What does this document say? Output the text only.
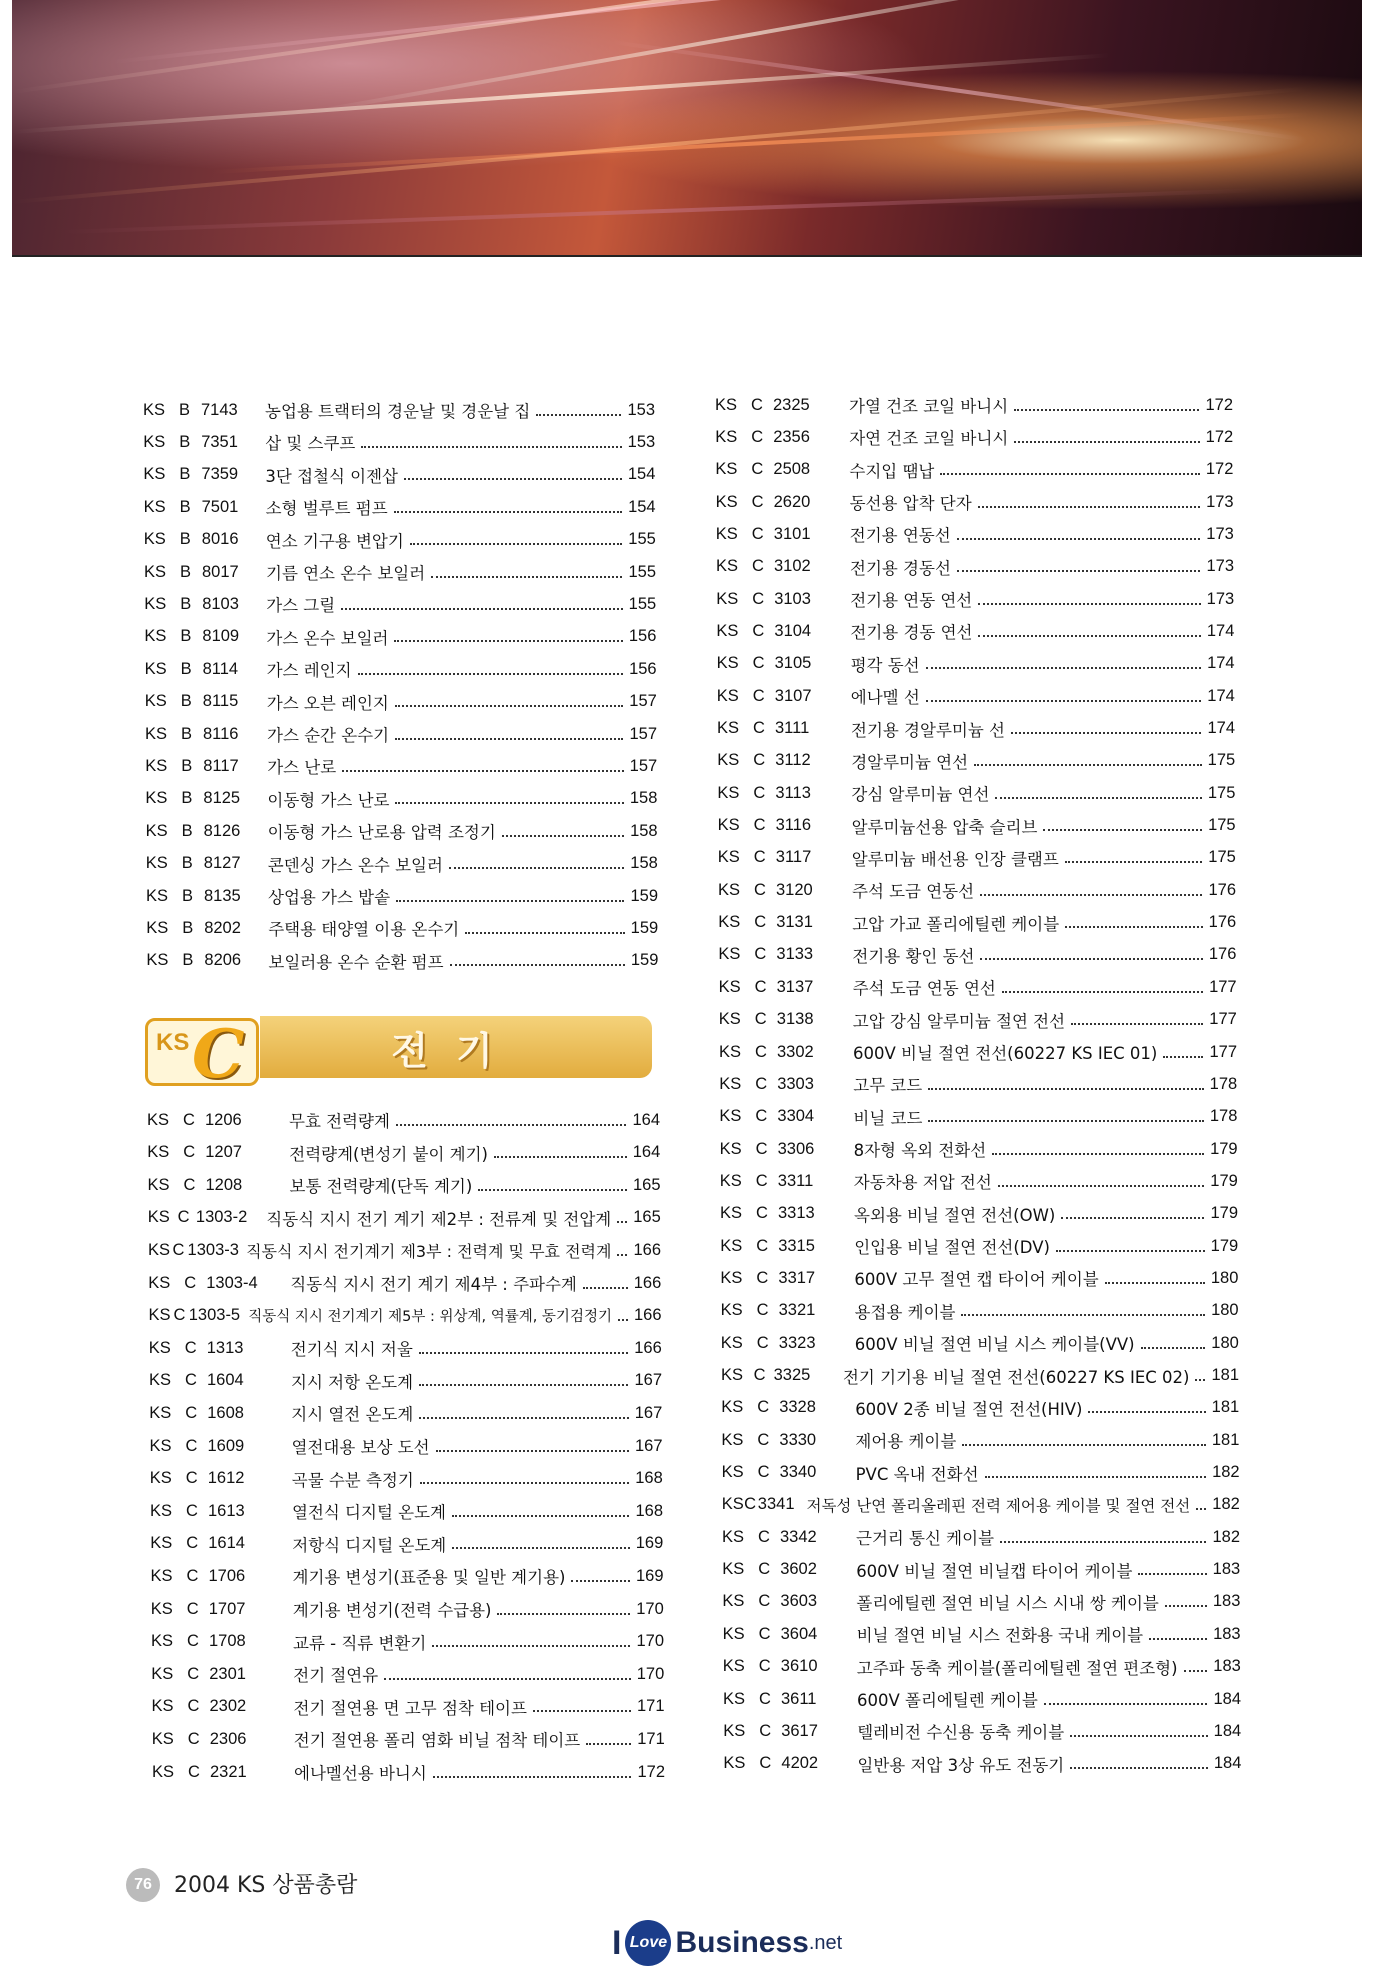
KS B 7143	농업용 트랙터의 경운날 및 경운날 집	153
KS B 7351	삽 및 스쿠프	153
KS B 7359	3단 접철식 이젠삽	154
KS B 7501	소형 벌루트 펌프	154
KS B 8016	연소 기구용 변압기	155
KS B 8017	기름 연소 온수 보일러	155
KS B 8103	가스 그릴	155
KS B 8109	가스 온수 보일러	156
KS B 8114	가스 레인지	156
KS B 8115	가스 오븐 레인지	157
KS B 8116	가스 순간 온수기	157
KS B 8117	가스 난로	157
KS B 8125	이동형 가스 난로	158
KS B 8126	이동형 가스 난로용 압력 조정기	158
KS B 8127	콘덴싱 가스 온수 보일러	158
KS B 8135	상업용 가스 밥솥	159
KS B 8202	주택용 태양열 이용 온수기	159
KS B 8206	보일러용 온수 순환 펌프	159
KS C	전기
KS C 1206	무효 전력량계	164
KS C 1207	전력량계(변성기 붙이 계기)	164
KS C 1208	보통 전력량계(단독 계기)	165
KS C 1303-2	직동식 지시 전기 계기 제2부 : 전류계 및 전압계 165
KS C 1303-3 직동식 지시 전기계기 제3부 : 전력계 및 무효 전력계 166
KS C 1303-4	직동식 지시 전기 계기 제4부 : 주파수계	166
KS C 1303-5 직동식 지시 전기계기 제5부 : 위상계, 역률계, 동기검정기 166
KS C 1313	전기식 지시 저울	166
KS C 1604	지시 저항 온도계	167
KS C 1608	지시 열전 온도계	167
KS C 1609	열전대용 보상 도선	167
KS C 1612	곡물 수분 측정기	168
KS C 1613	열전식 디지털 온도계	168
KS C 1614	저항식 디지털 온도계	169
KS C 1706	계기용 변성기(표준용 및 일반 계기용)	169
KS C 1707	계기용 변성기(전력 수급용)	170
KS C 1708	교류 - 직류 변환기	170
KS C 2301	전기 절연유	170
KS C 2302	전기 절연용 면 고무 점착 테이프	171
KS C 2306	전기 절연용 폴리 염화 비닐 점착 테이프	171
KS C 2321	에나멜선용 바니시	172
KS C 2325	가열 건조 코일 바니시	172
KS C 2356	자연 건조 코일 바니시	172
KS C 2508	수지입 땜납	172
KS C 2620	동선용 압착 단자	173
KS C 3101	전기용 연동선	173
KS C 3102	전기용 경동선	173
KS C 3103	전기용 연동 연선	173
KS C 3104	전기용 경동 연선	174
KS C 3105	평각 동선	174
KS C 3107	에나멜 선	174
KS C 3111	전기용 경알루미늄 선	174
KS C 3112	경알루미늄 연선	175
KS C 3113	강심 알루미늄 연선	175
KS C 3116	알루미늄선용 압축 슬리브	175
KS C 3117	알루미늄 배선용 인장 클램프	175
KS C 3120	주석 도금 연동선	176
KS C 3131	고압 가교 폴리에틸렌 케이블	176
KS C 3133	전기용 황인 동선	176
KS C 3137	주석 도금 연동 연선	177
KS C 3138	고압 강심 알루미늄 절연 전선	177
KS C 3302	600V 비닐 절연 전선(60227 KS IEC 01)	177
KS C 3303	고무 코드	178
KS C 3304	비닐 코드	178
KS C 3306	8자형 옥외 전화선	179
KS C 3311	자동차용 저압 전선	179
KS C 3313	옥외용 비닐 절연 전선(OW)	179
KS C 3315	인입용 비닐 절연 전선(DV)	179
KS C 3317	600V 고무 절연 캡 타이어 케이블	180
KS C 3321	용접용 케이블	180
KS C 3323	600V 비닐 절연 비닐 시스 케이블(VV)	180
KS C 3325	전기 기기용 비닐 절연 전선(60227 KS IEC 02) 181
KS C 3328	600V 2종 비닐 절연 전선(HIV)	181
KS C 3330	제어용 케이블	181
KS C 3340	PVC 옥내 전화선	182
KS C 3341 저독성 난연 폴리올레핀 전력 제어용 케이블 및 절연 전선 182
KS C 3342	근거리 통신 케이블	182
KS C 3602	600V 비닐 절연 비닐캡 타이어 케이블	183
KS C 3603	폴리에틸렌 절연 비닐 시스 시내 쌍 케이블	183
KS C 3604	비닐 절연 비닐 시스 전화용 국내 케이블	183
KS C 3610	고주파 동축 케이블(폴리에틸렌 절연 편조형) 183
KS C 3611	600V 폴리에틸렌 케이블	184
KS C 3617	텔레비전 수신용 동축 케이블	184
KS C 4202	일반용 저압 3상 유도 전동기	184
76	2004 KS 상품총람
I Love Business .net
